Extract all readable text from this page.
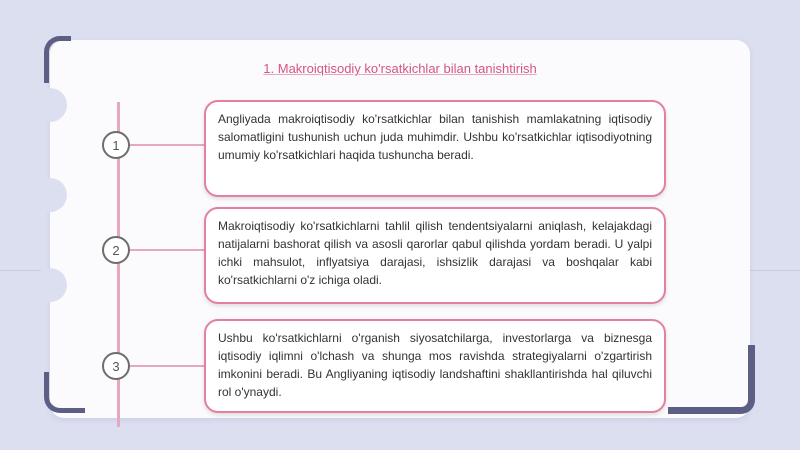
1. Makroiqtisodiy ko'rsatkichlar bilan tanishtirish
1
2
3
Angliyada makroiqtisodiy ko'rsatkichlar bilan tanishish mamlakatning iqtisodiy salomatligini tushunish uchun juda muhimdir. Ushbu ko'rsatkichlar iqtisodiyotning umumiy ko'rsatkichlari haqida tushuncha beradi.
Makroiqtisodiy ko'rsatkichlarni tahlil qilish tendentsiyalarni aniqlash, kelajakdagi natijalarni bashorat qilish va asosli qarorlar qabul qilishda yordam beradi. U yalpi ichki mahsulot, inflyatsiya darajasi, ishsizlik darajasi va boshqalar kabi ko'rsatkichlarni o'z ichiga oladi.
Ushbu ko'rsatkichlarni o'rganish siyosatchilarga, investorlarga va biznesga iqtisodiy iqlimni o'lchash va shunga mos ravishda strategiyalarni o'zgartirish imkonini beradi. Bu Angliyaning iqtisodiy landshaftini shakllantirishda hal qiluvchi rol o'ynaydi.
